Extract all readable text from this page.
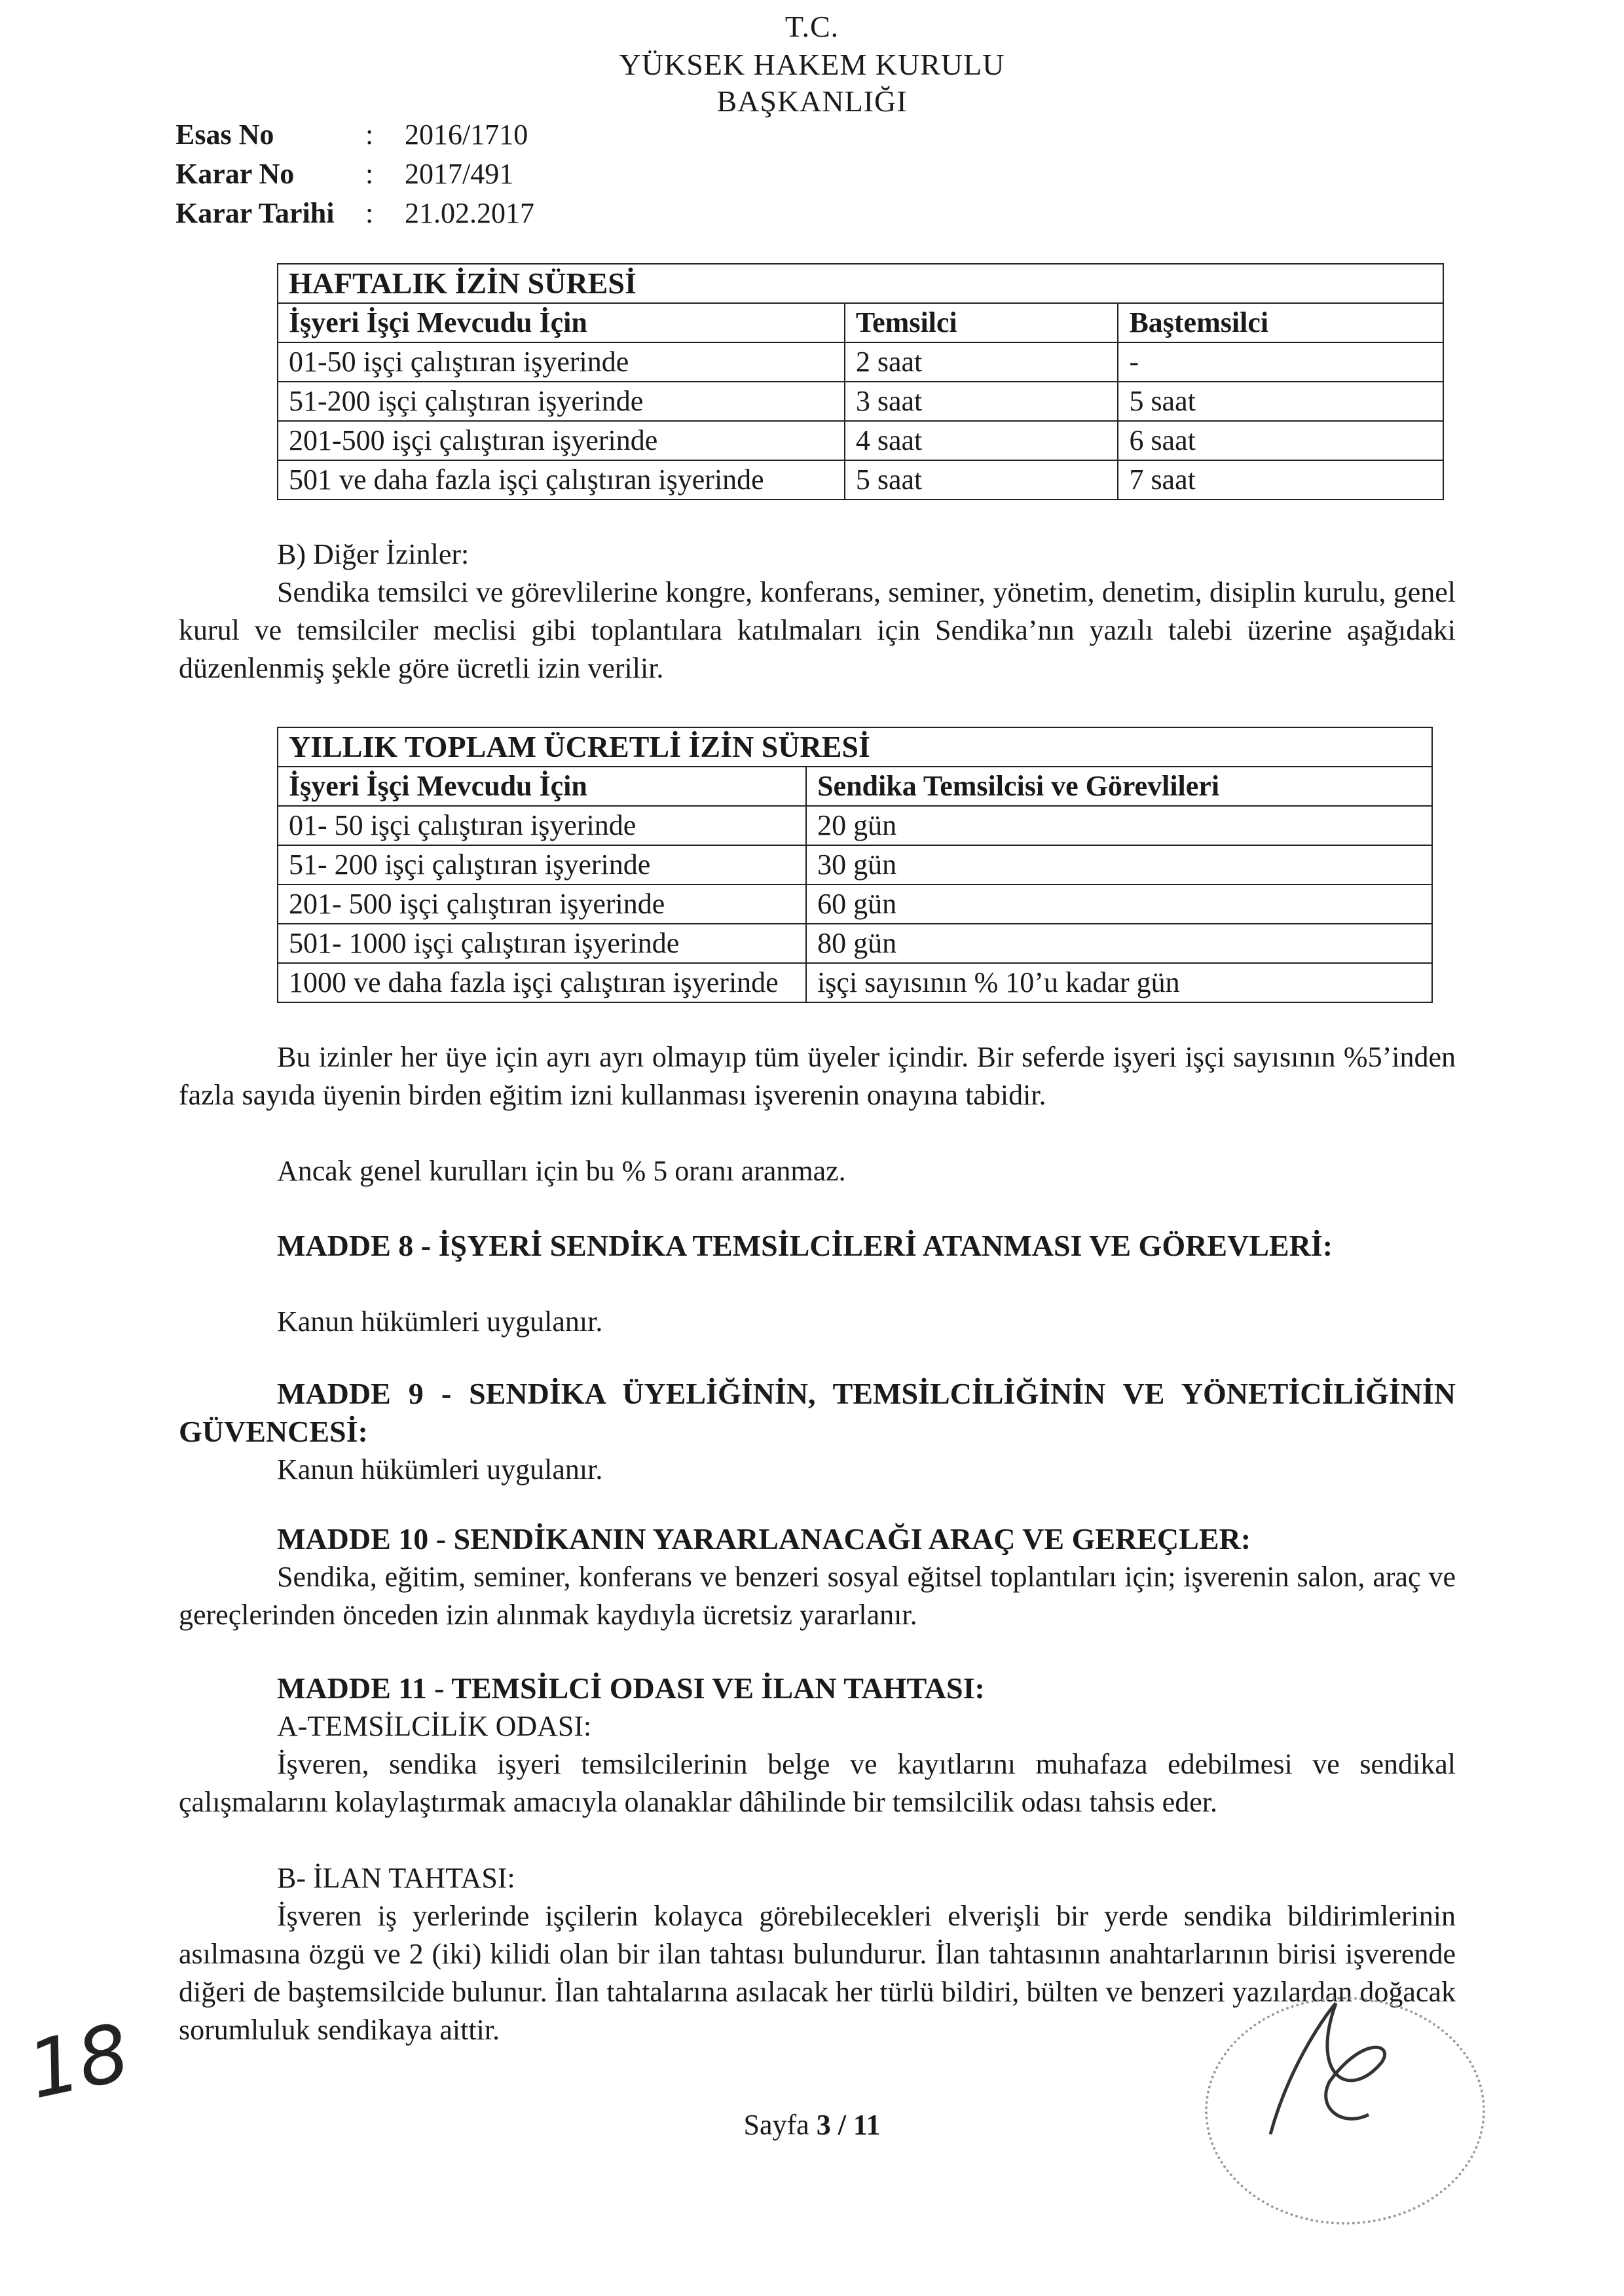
T.C.
YÜKSEK HAKEM KURULU
BAŞKANLIĞI
Esas No	: 2016/1710
Karar No : 2017/491
Karar Tarihi : 21.02.2017
HAFTALIK İZİN SÜRESİ		
İşyeri İşçi Mevcudu İçin	Temsilci	Baştemsilci
01-50 işçi çalıştıran işyerinde	2 saat	-
51-200 işçi çalıştıran işyerinde	3 saat	5 saat
201-500 işçi çalıştıran işyerinde	4 saat	6 saat
501 ve daha fazla işçi çalıştıran işyerinde	5 saat	7 saat
B) Diğer İzinler:
Sendika temsilci ve görevlilerine kongre, konferans, seminer, yönetim, denetim, disiplin kurulu, genel kurul ve temsilciler meclisi gibi toplantılara katılmaları için Sendika’nın yazılı talebi üzerine aşağıdaki düzenlenmiş şekle göre ücretli izin verilir.
YILLIK TOPLAM ÜCRETLİ İZİN SÜRESİ	
İşyeri İşçi Mevcudu İçin	Sendika Temsilcisi ve Görevlileri
01- 50 işçi çalıştıran işyerinde	20 gün
51- 200 işçi çalıştıran işyerinde	30 gün
201- 500 işçi çalıştıran işyerinde	60 gün
501- 1000 işçi çalıştıran işyerinde	80 gün
1000 ve daha fazla işçi çalıştıran işyerinde	işçi sayısının % 10’u kadar gün
Bu izinler her üye için ayrı ayrı olmayıp tüm üyeler içindir. Bir seferde işyeri işçi sayısının %5’inden fazla sayıda üyenin birden eğitim izni kullanması işverenin onayına tabidir.
Ancak genel kurulları için bu % 5 oranı aranmaz.
MADDE 8 - İŞYERİ SENDİKA TEMSİLCİLERİ ATANMASI VE GÖREVLERİ:
Kanun hükümleri uygulanır.
MADDE 9 - SENDİKA ÜYELİĞİNİN, TEMSİLCİLİĞİNİN VE YÖNETİCİLİĞİNİN GÜVENCESİ:
Kanun hükümleri uygulanır.
MADDE 10 - SENDİKANIN YARARLANACAĞI ARAÇ VE GEREÇLER:
Sendika, eğitim, seminer, konferans ve benzeri sosyal eğitsel toplantıları için; işverenin salon, araç ve gereçlerinden önceden izin alınmak kaydıyla ücretsiz yararlanır.
MADDE 11 - TEMSİLCİ ODASI VE İLAN TAHTASI:
A-TEMSİLCİLİK ODASI:
İşveren, sendika işyeri temsilcilerinin belge ve kayıtlarını muhafaza edebilmesi ve sendikal çalışmalarını kolaylaştırmak amacıyla olanaklar dâhilinde bir temsilcilik odası tahsis eder.
B- İLAN TAHTASI:
İşveren iş yerlerinde işçilerin kolayca görebilecekleri elverişli bir yerde sendika bildirimlerinin asılmasına özgü ve 2 (iki) kilidi olan bir ilan tahtası bulundurur. İlan tahtasının anahtarlarının birisi işverende diğeri de baştemsilcide bulunur. İlan tahtalarına asılacak her türlü bildiri, bülten ve benzeri yazılardan doğacak sorumluluk sendikaya aittir.
18
Sayfa 3 / 11
